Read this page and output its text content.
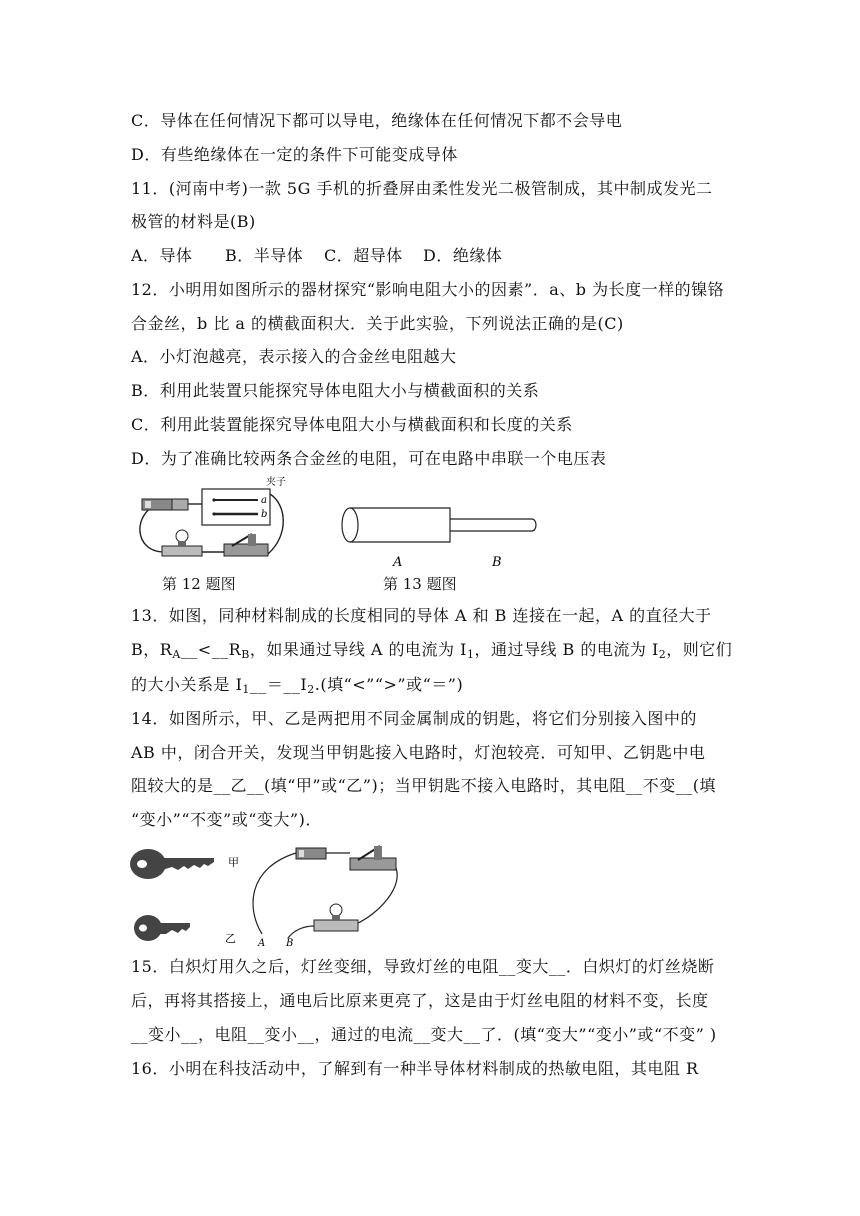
C．导体在任何情况下都可以导电，绝缘体在任何情况下都不会导电
D．有些绝缘体在一定的条件下可能变成导体
11．(河南中考)一款 5G 手机的折叠屏由柔性发光二极管制成，其中制成发光二
极管的材料是(B)
A．导体 B．半导体 C．超导体 D．绝缘体
12．小明用如图所示的器材探究“影响电阻大小的因素”．a、b 为长度一样的镍铬
合金丝，b 比 a 的横截面积大．关于此实验，下列说法正确的是(C)
A．小灯泡越亮，表示接入的合金丝电阻越大
B．利用此装置只能探究导体电阻大小与横截面积的关系
C．利用此装置能探究导体电阻大小与横截面积和长度的关系
D．为了准确比较两条合金丝的电阻，可在电路中串联一个电压表
a
b
夹子
第 12 题图
A	B
第 13 题图
13．如图，同种材料制成的长度相同的导体 A 和 B 连接在一起，A 的直径大于
B，$R_A\_\_<\_\_R_B$，如果通过导线 A 的电流为 $I_1$，通过导线 B 的电流为 $I_2$，则它们
的大小关系是 $I_1\_\_=\_\_I_2$.(填“<”“>”或“＝”)
14．如图所示，甲、乙是两把用不同金属制成的钥匙，将它们分别接入图中的
AB 中，闭合开关，发现当甲钥匙接入电路时，灯泡较亮．可知甲、乙钥匙中电
阻较大的是__乙__(填“甲”或“乙”)；当甲钥匙不接入电路时，其电阻__不变__(填
“变小”“不变”或“变大”)．
甲
乙 A B
15．白炽灯用久之后，灯丝变细，导致灯丝的电阻__变大__．白炽灯的灯丝烧断
后，再将其搭接上，通电后比原来更亮了，这是由于灯丝电阻的材料不变，长度
__变小__，电阻__变小__，通过的电流__变大__了．(填“变大”“变小”或“不变” )
16．小明在科技活动中，了解到有一种半导体材料制成的热敏电阻，其电阻 R
